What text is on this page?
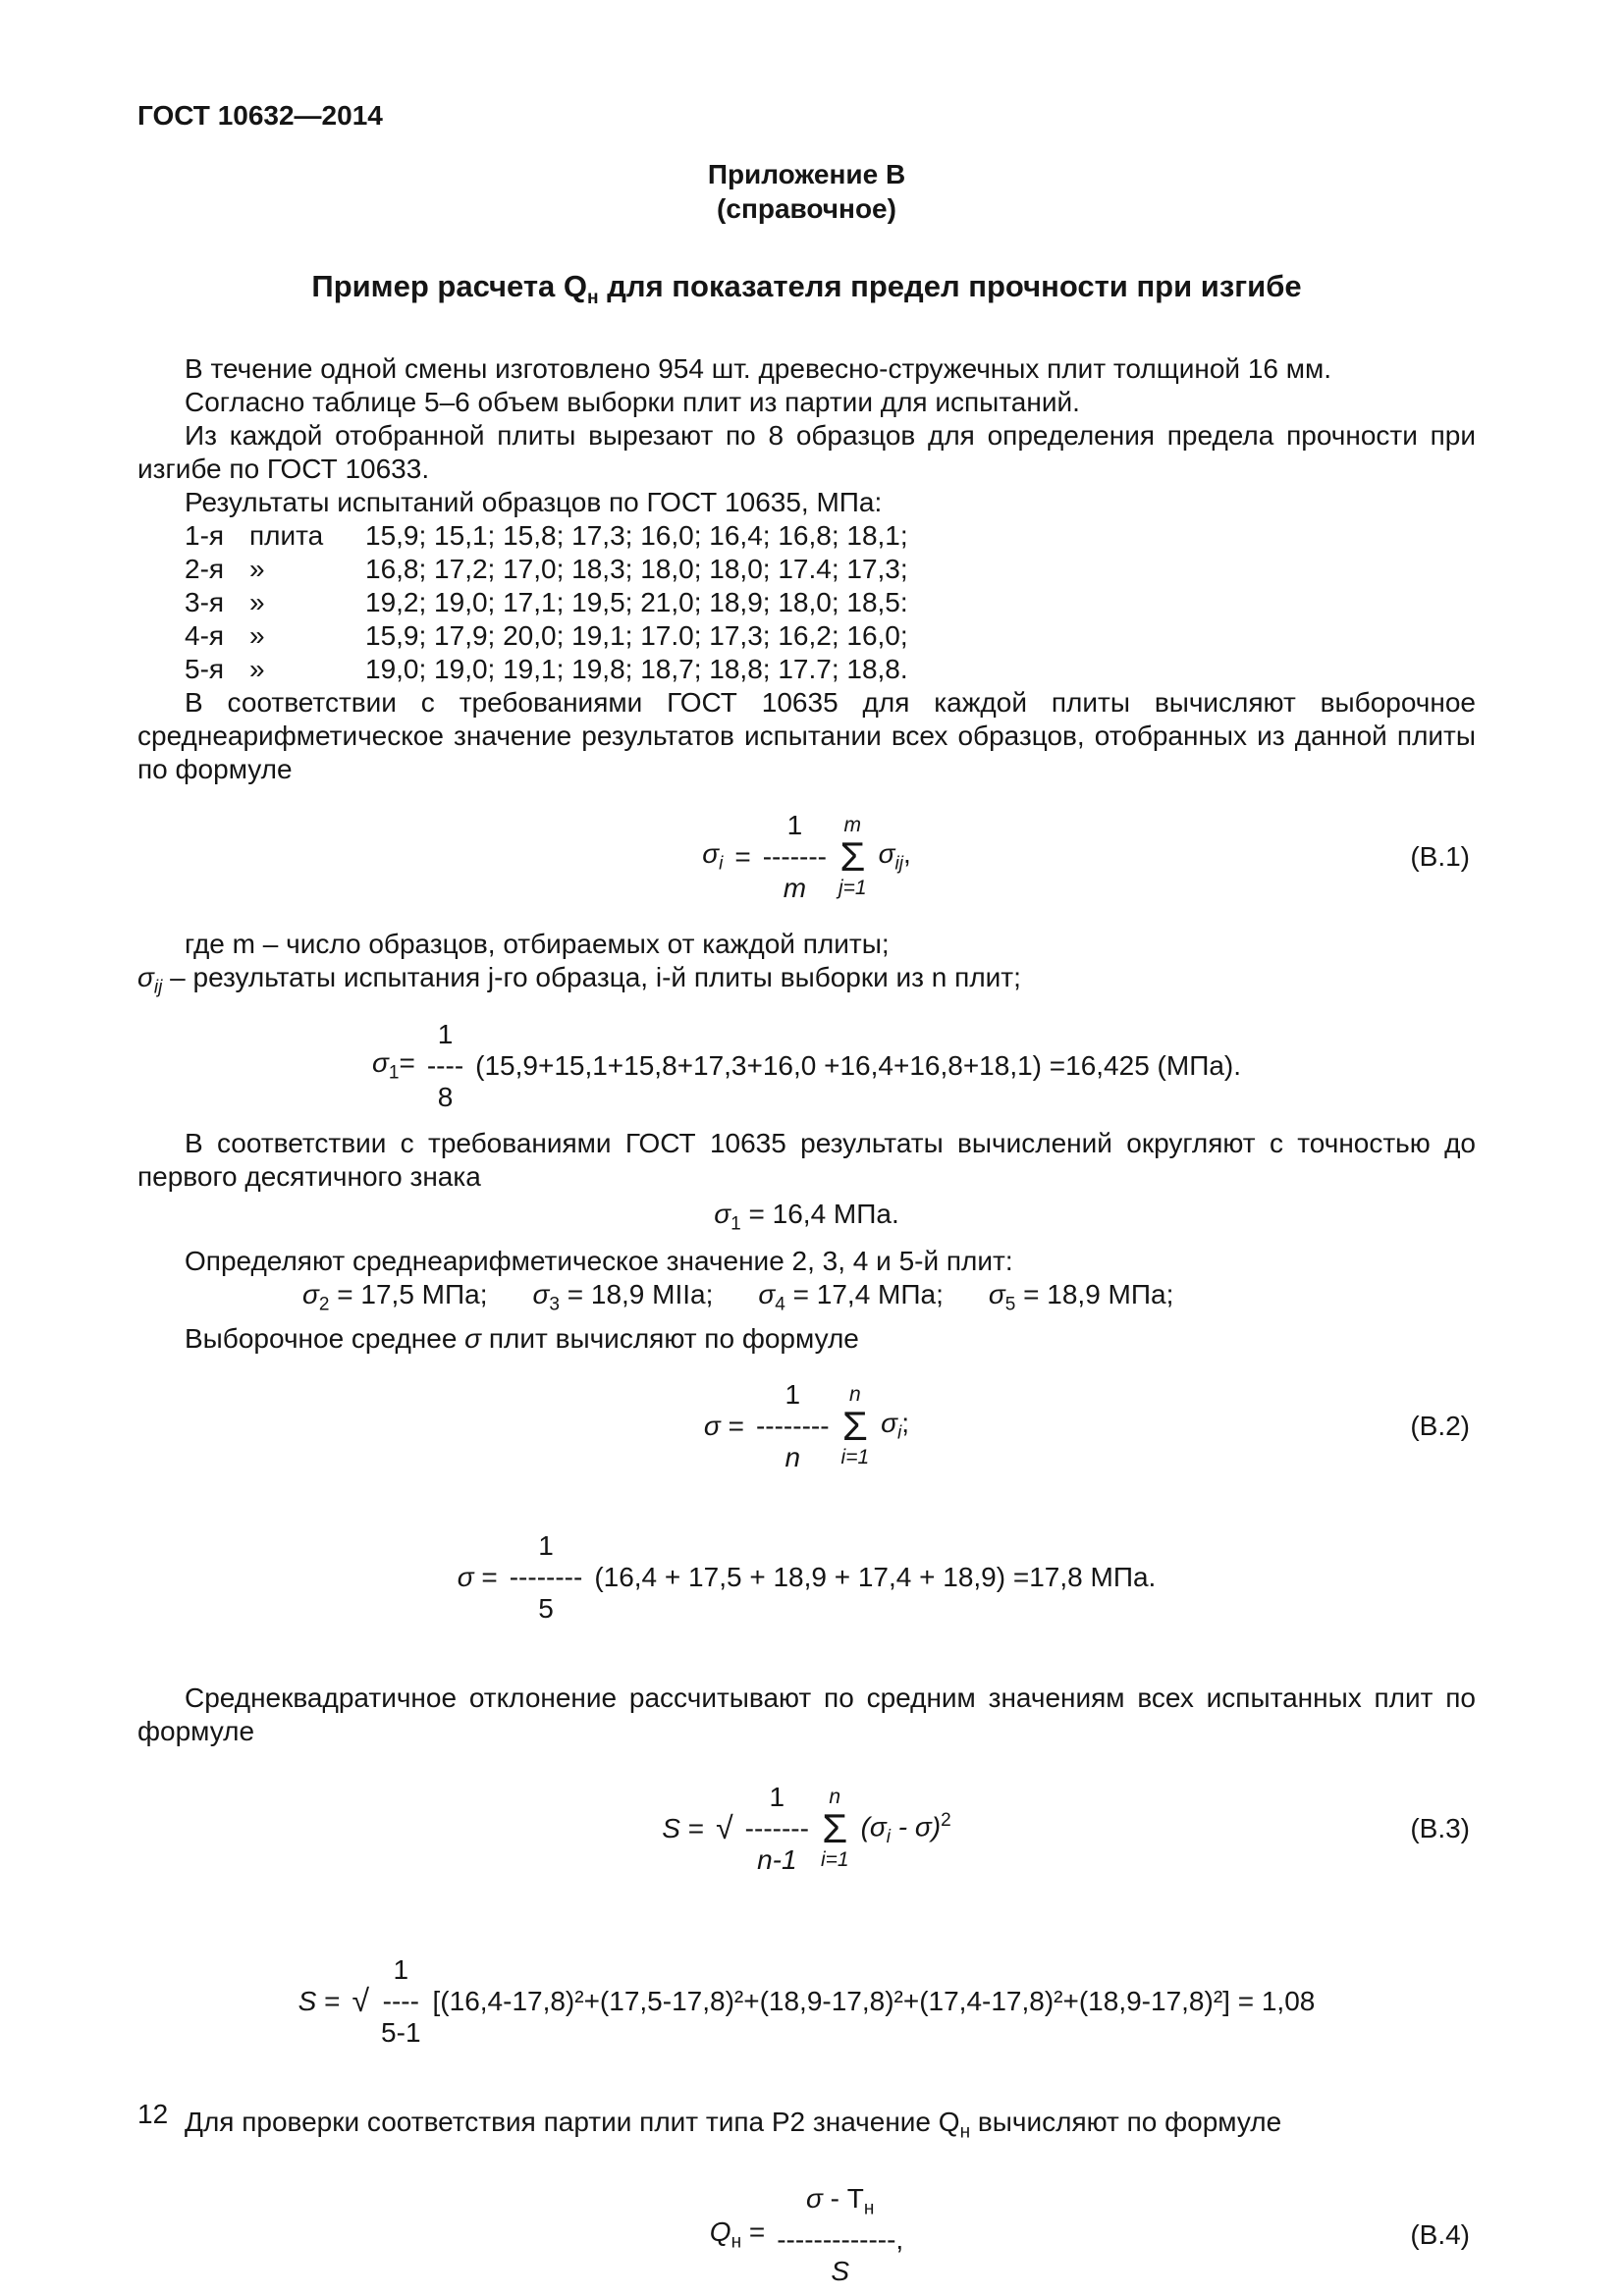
ГОСТ 10632—2014
Приложение В
(справочное)
Пример расчета $Q_н$ для показателя предел прочности при изгибе

В течение одной смены изготовлено 954 шт. древесно-стружечных плит толщиной 16 мм.

Согласно таблице 5–6 объем выборки плит из партии для испытаний.

Из каждой отобранной плиты вырезают по 8 образцов для определения предела прочности при изгибе по ГОСТ 10633.

Результаты испытаний образцов по ГОСТ 10635, МПа:

1-я плита 15,9; 15,1; 15,8; 17,3; 16,0; 16,4; 16,8; 18,1;
2-я »	16,8; 17,2; 17,0; 18,3; 18,0; 18,0; 17.4; 17,3;
3-я »	19,2; 19,0; 17,1; 19,5; 21,0; 18,9; 18,0; 18,5:
4-я »	15,9; 17,9; 20,0; 19,1; 17.0; 17,3; 16,2; 16,0;
5-я »	19,0; 19,0; 19,1; 19,8; 18,7; 18,8; 17.7; 18,8.

В соответствии с требованиями ГОСТ 10635 для каждой плиты вычисляют выборочное среднеарифметическое значение результатов испытании всех образцов, отобранных из данной плиты по формуле

$\sigma_i$ =
1
-------
m
m
Σ
j=1
$\sigma_{ij}$,	(В.1)

где m – число образцов, отбираемых от каждой плиты;

$\sigma_{ij}$ – результаты испытания j-го образца, i-й плиты выборки из n плит;

$\sigma_1=$
1
----
8
(15,9+15,1+15,8+17,3+16,0 +16,4+16,8+18,1) =16,425 (МПа).

В соответствии с требованиями ГОСТ 10635 результаты вычислений округляют с точностью до первого десятичного знака

$\sigma_1 = 16,4$ МПа.

Определяют среднеарифметическое значение 2, 3, 4 и 5-й плит:

$\sigma_2 = 17,5$ МПа; $\sigma_3 = 18,9$ МIIа; $\sigma_4 = 17,4$ МПа; $\sigma_5 = 18,9$ МПа;

Выборочное среднее σ плит вычисляют по формуле

σ =
1
--------
n
n
Σ
i=1
$\sigma_i$;	(В.2)
σ =
1
--------
5
(16,4 + 17,5 + 18,9 + 17,4 + 18,9) =17,8 МПа.

Среднеквадратичное отклонение рассчитывают по средним значениям всех испытанных плит по формуле

S = √
1
-------
n-1
n
Σ
i=1
$(\sigma_i - \sigma)^2$	(В.3)
S = √
1
----
5-1
[(16,4-17,8)²+(17,5-17,8)²+(18,9-17,8)²+(17,4-17,8)²+(18,9-17,8)²] = 1,08

Для проверки соответствия партии плит типа Р2 значение $Q_н$ вычисляют по формуле

$Q_н$ =
σ - $Т_н$
-------------,
S
(В.4)
12
